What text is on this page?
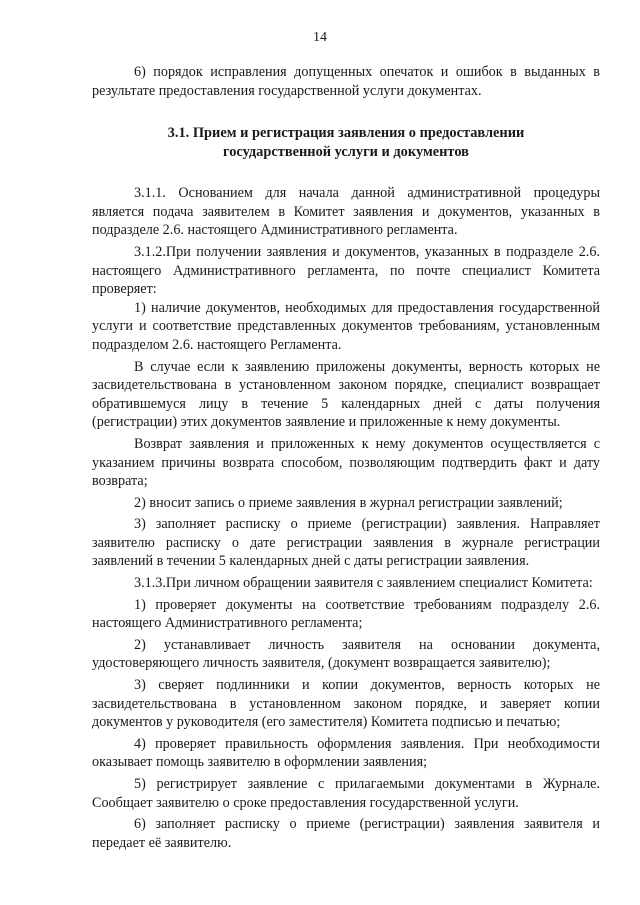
14

6) порядок исправления допущенных опечаток и ошибок в выданных в результате предоставления государственной услуги документах.

3.1. Прием и регистрация заявления о предоставлении государственной услуги и документов

3.1.1. Основанием для начала данной административной процедуры является подача заявителем в Комитет заявления и документов, указанных в подразделе 2.6. настоящего Административного регламента.

3.1.2.При получении заявления и документов, указанных в подразделе 2.6. настоящего Административного регламента, по почте специалист Комитета проверяет:

1) наличие документов, необходимых для предоставления государственной услуги и соответствие представленных документов требованиям, установленным подразделом 2.6. настоящего Регламента.

В случае если к заявлению приложены документы, верность которых не засвидетельствована в установленном законом порядке, специалист возвращает обратившемуся лицу в течение 5 календарных дней с даты получения (регистрации) этих документов заявление и приложенные к нему документы.

Возврат заявления и приложенных к нему документов осуществляется с указанием причины возврата способом, позволяющим подтвердить факт и дату возврата;

2) вносит запись о приеме заявления в журнал регистрации заявлений;

3) заполняет расписку о приеме (регистрации) заявления. Направляет заявителю расписку о дате регистрации заявления в журнале регистрации заявлений в течении 5 календарных дней с даты регистрации заявления.

3.1.3.При личном обращении заявителя с заявлением специалист Комитета:

1) проверяет документы на соответствие требованиям подразделу 2.6. настоящего Административного регламента;

2) устанавливает личность заявителя на основании документа, удостоверяющего личность заявителя, (документ возвращается заявителю);

3) сверяет подлинники и копии документов, верность которых не засвидетельствована в установленном законом порядке, и заверяет копии документов у руководителя (его заместителя) Комитета подписью и печатью;

4) проверяет правильность оформления заявления. При необходимости оказывает помощь заявителю в оформлении заявления;

5) регистрирует заявление с прилагаемыми документами в Журнале. Сообщает заявителю о сроке предоставления государственной услуги.

6) заполняет расписку о приеме (регистрации) заявления заявителя и передает её заявителю.
